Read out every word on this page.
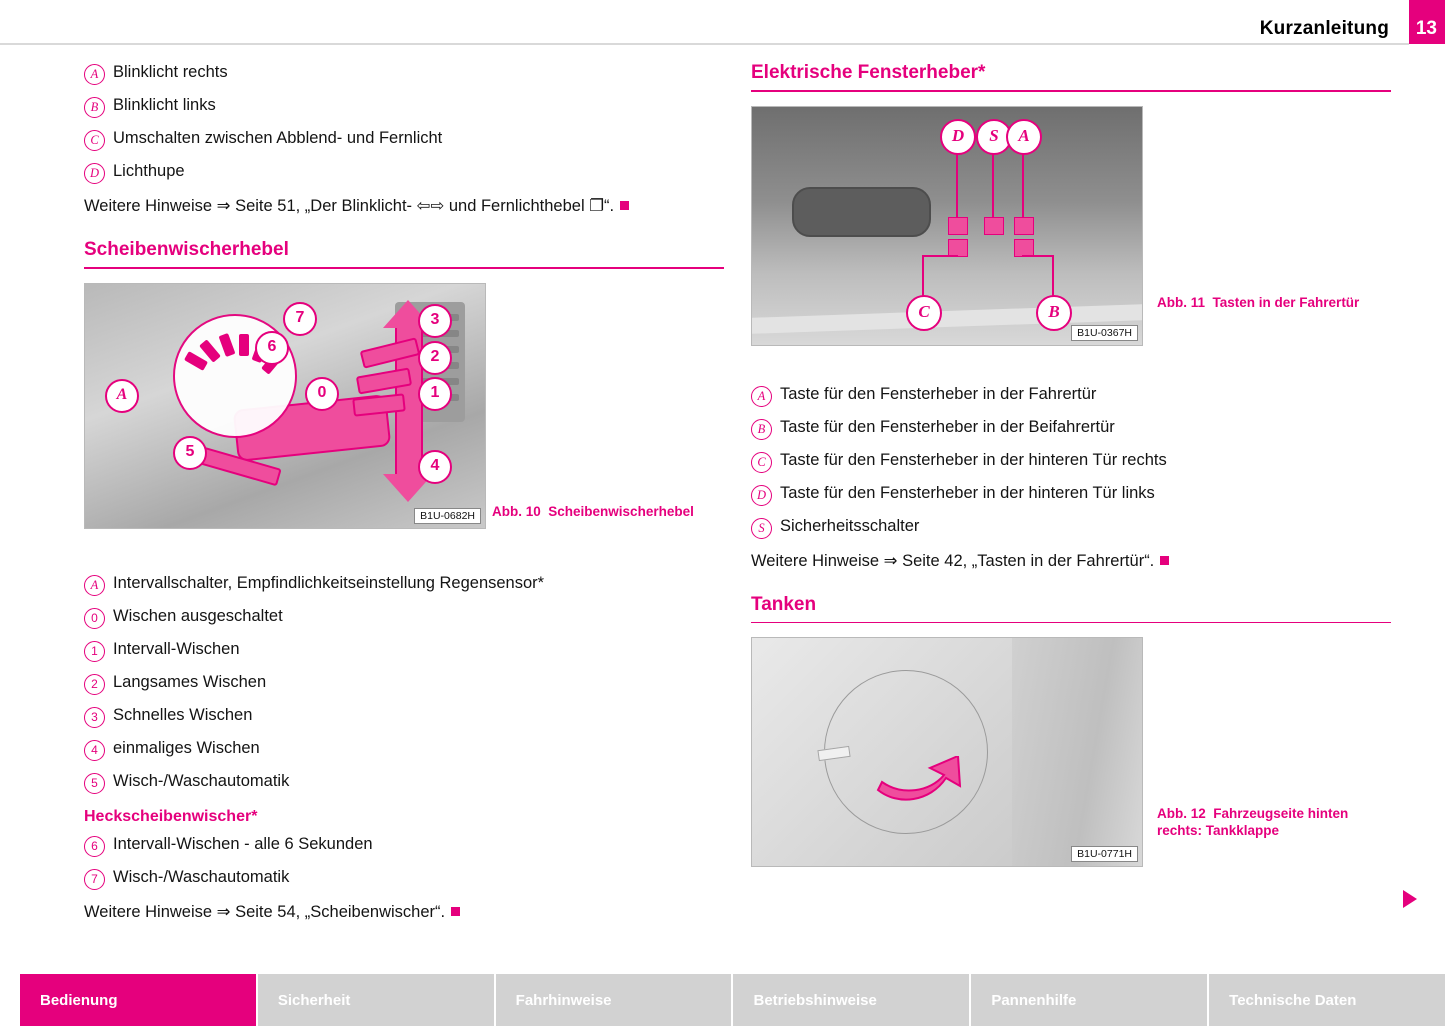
Kurzanleitung 13
A Blinklicht rechts
B Blinklicht links
C Umschalten zwischen Abblend- und Fernlicht
D Lichthupe
Weitere Hinweise ⇒ Seite 51, „Der Blinklicht- ⇦⇨ und Fernlichthebel ❐“.
Scheibenwischerhebel
A	0	1
2
3
4
5
6
7
B1U-0682H	Abb. 10 Scheibenwischerhebel
A Intervallschalter, Empfindlichkeitseinstellung Regensensor*
0 Wischen ausgeschaltet
1 Intervall-Wischen
2 Langsames Wischen
3 Schnelles Wischen
4 einmaliges Wischen
5 Wisch-/Waschautomatik
Heckscheibenwischer*
6 Intervall-Wischen - alle 6 Sekunden
7 Wisch-/Waschautomatik
Weitere Hinweise ⇒ Seite 54, „Scheibenwischer“.
Elektrische Fensterheber*
D	S	A
C	B
B1U-0367H
Abb. 11 Tasten in der Fahrertür
A Taste für den Fensterheber in der Fahrertür
B Taste für den Fensterheber in der Beifahrertür
C Taste für den Fensterheber in der hinteren Tür rechts
D Taste für den Fensterheber in der hinteren Tür links
S Sicherheitsschalter
Weitere Hinweise ⇒ Seite 42, „Tasten in der Fahrertür“.
Tanken
B1U-0771H
Abb. 12 Fahrzeugseite hinten rechts: Tankklappe
Bedienung	Sicherheit	Fahrhinweise	Betriebshinweise	Pannenhilfe	Technische Daten
